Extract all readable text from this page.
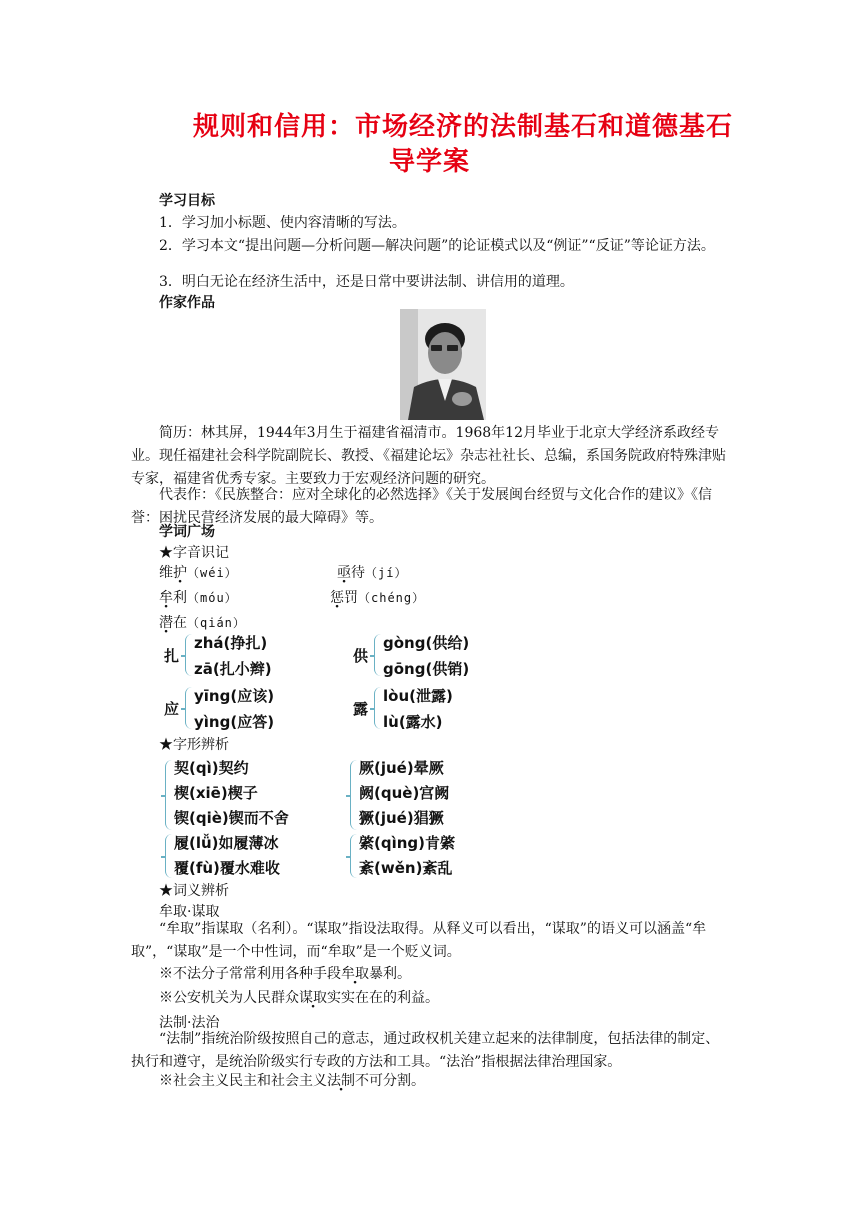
规则和信用：市场经济的法制基石和道德基石
导学案
学习目标
1．学习加小标题、使内容清晰的写法。
2．学习本文“提出问题—分析问题—解决问题”的论证模式以及“例证”“反证”等论证方法。
3．明白无论在经济生活中，还是日常中要讲法制、讲信用的道理。
作家作品
简历：林其屏，1944年3月生于福建省福清市。1968年12月毕业于北京大学经济系政经专业。现任福建社会科学院副院长、教授、《福建论坛》杂志社社长、总编，系国务院政府特殊津贴专家，福建省优秀专家。主要致力于宏观经济问题的研究。
代表作：《民族整合：应对全球化的必然选择》《关于发展闽台经贸与文化合作的建议》《信誉：困扰民营经济发展的最大障碍》等。
学词广场
★字音识记
维护（wéi）	亟待（jí）
牟利（móu）	惩罚（chéng）
潜在（qián）
扎
zhá(挣扎)
zā(扎小辫)
供
gòng(供给)
gōng(供销)
应
yīng(应该)
yìng(应答)
露
lòu(泄露)
lù(露水)
★字形辨析
契(qì)契约
楔(xiē)楔子
锲(qiè)锲而不舍
履(lǚ)如履薄冰
覆(fù)覆水难收
厥(jué)晕厥
阙(què)宫阙
獗(jué)猖獗
綮(qìng)肯綮
紊(wěn)紊乱
★词义辨析
牟取·谋取
“牟取”指谋取（名利）。“谋取”指设法取得。从释义可以看出，“谋取”的语义可以涵盖“牟取”，“谋取”是一个中性词，而“牟取”是一个贬义词。
※不法分子常常利用各种手段牟取暴利。
※公安机关为人民群众谋取实实在在的利益。
法制·法治
“法制”指统治阶级按照自己的意志，通过政权机关建立起来的法律制度，包括法律的制定、执行和遵守，是统治阶级实行专政的方法和工具。“法治”指根据法律治理国家。
※社会主义民主和社会主义法制不可分割。
